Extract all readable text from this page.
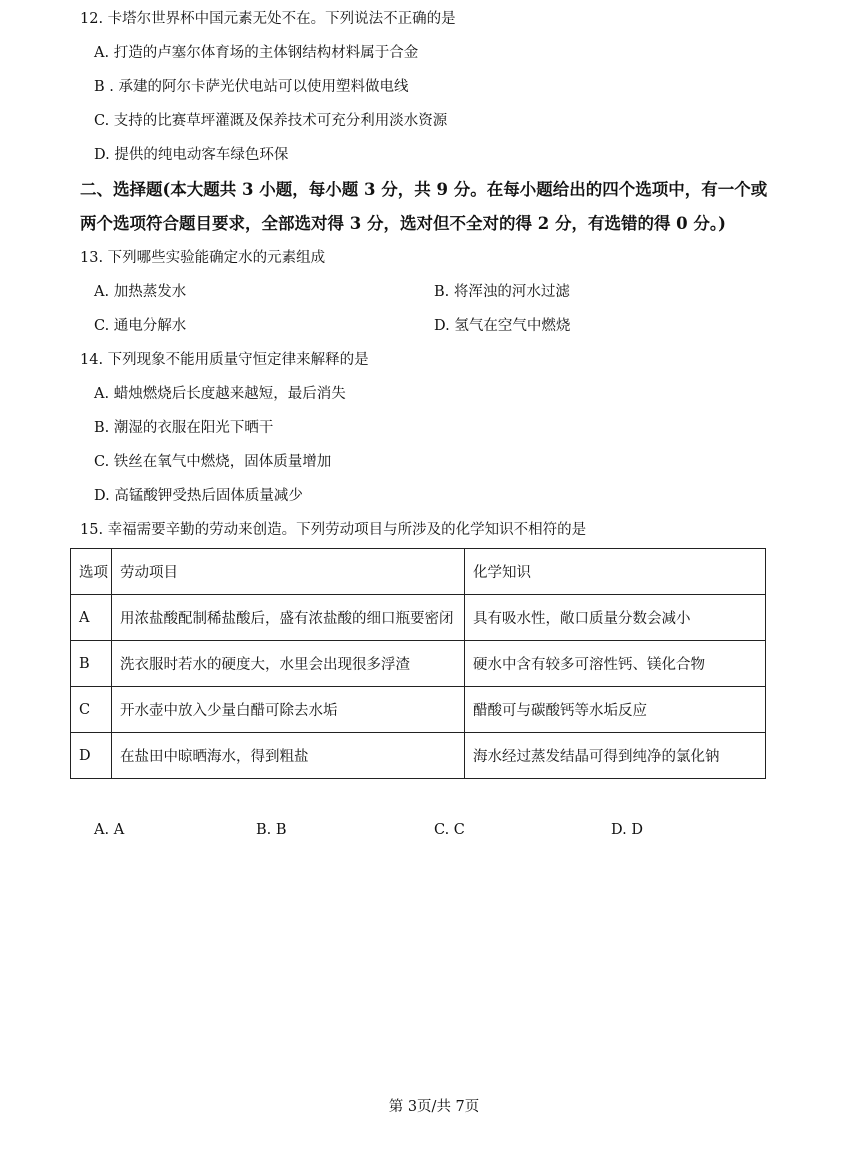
12. 卡塔尔世界杯中国元素无处不在。下列说法不正确的是
A. 打造的卢塞尔体育场的主体钢结构材料属于合金
B . 承建的阿尔卡萨光伏电站可以使用塑料做电线
C. 支持的比赛草坪灌溉及保养技术可充分利用淡水资源
D. 提供的纯电动客车绿色环保
二、选择题(本大题共 3 小题，每小题 3 分，共 9 分。在每小题给出的四个选项中，有一个或
两个选项符合题目要求，全部选对得 3 分，选对但不全对的得 2 分，有选错的得 0 分。)
13. 下列哪些实验能确定水的元素组成
A. 加热蒸发水	B. 将浑浊的河水过滤
C. 通电分解水	D. 氢气在空气中燃烧
14. 下列现象不能用质量守恒定律来解释的是
A. 蜡烛燃烧后长度越来越短，最后消失
B. 潮湿的衣服在阳光下晒干
C. 铁丝在氧气中燃烧，固体质量增加
D. 高锰酸钾受热后固体质量减少
15. 幸福需要辛勤的劳动来创造。下列劳动项目与所涉及的化学知识不相符的是
选项	劳动项目	化学知识
A	用浓盐酸配制稀盐酸后，盛有浓盐酸的细口瓶要密闭	具有吸水性，敞口质量分数会减小
B	洗衣服时若水的硬度大，水里会出现很多浮渣	硬水中含有较多可溶性钙、镁化合物
C	开水壶中放入少量白醋可除去水垢	醋酸可与碳酸钙等水垢反应
D	在盐田中晾晒海水，得到粗盐	海水经过蒸发结晶可得到纯净的氯化钠
A. A	B. B	C. C	D. D
第 3页/共 7页
